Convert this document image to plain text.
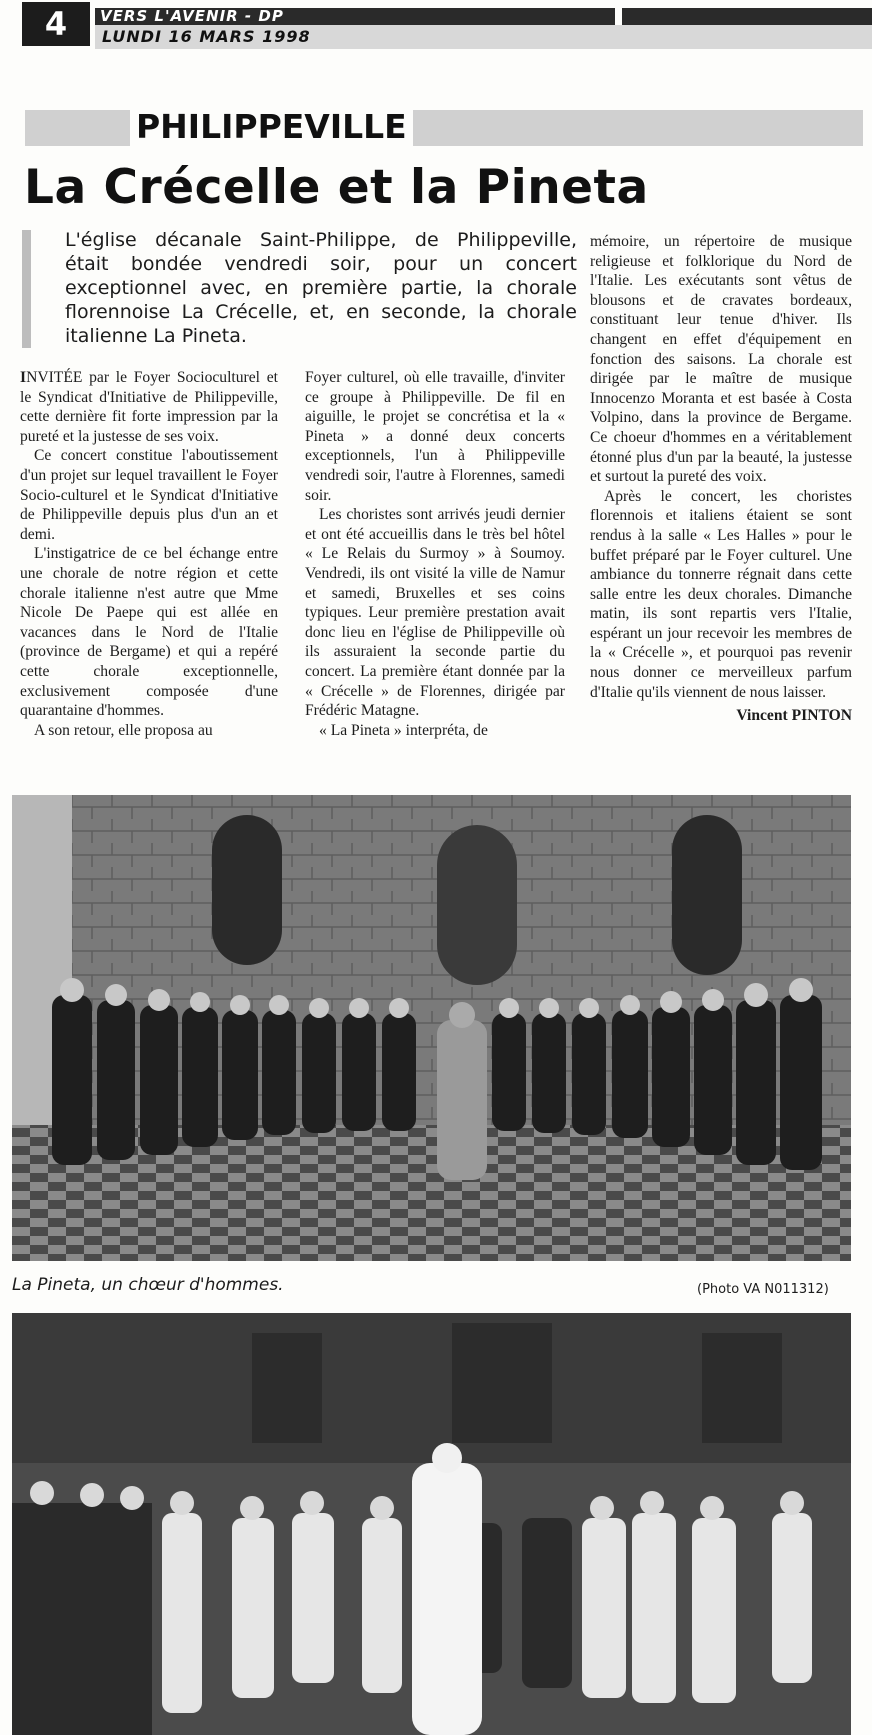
4	VERS L'AVENIR - DP
LUNDI 16 MARS 1998
PHILIPPEVILLE
La Crécelle et la Pineta
L'église décanale Saint-Philippe, de Philippeville, était bondée vendredi soir, pour un concert exceptionnel avec, en première partie, la chorale florennoise La Crécelle, et, en seconde, la chorale italienne La Pineta.

INVITÉE par le Foyer Socioculturel et le Syndicat d'Initiative de Philippeville, cette dernière fit forte impression par la pureté et la justesse de ses voix.

Ce concert constitue l'aboutissement d'un projet sur lequel travaillent le Foyer Socio-culturel et le Syndicat d'Initiative de Philippeville depuis plus d'un an et demi.

L'instigatrice de ce bel échange entre une chorale de notre région et cette chorale italienne n'est autre que Mme Nicole De Paepe qui est allée en vacances dans le Nord de l'Italie (province de Bergame) et qui a repéré cette chorale exceptionnelle, exclusivement composée d'une quarantaine d'hommes.

A son retour, elle proposa au

Foyer culturel, où elle travaille, d'inviter ce groupe à Philippeville. De fil en aiguille, le projet se concrétisa et la « Pineta » a donné deux concerts exceptionnels, l'un à Philippeville vendredi soir, l'autre à Florennes, samedi soir.

Les choristes sont arrivés jeudi dernier et ont été accueillis dans le très bel hôtel « Le Relais du Surmoy » à Soumoy. Vendredi, ils ont visité la ville de Namur et samedi, Bruxelles et ses coins typiques. Leur première prestation avait donc lieu en l'église de Philippeville où ils assuraient la seconde partie du concert. La première étant donnée par la « Crécelle » de Florennes, dirigée par Frédéric Matagne.

« La Pineta » interpréta, de

mémoire, un répertoire de musique religieuse et folklorique du Nord de l'Italie. Les exécutants sont vêtus de blousons et de cravates bordeaux, constituant leur tenue d'hiver. Ils changent en effet d'équipement en fonction des saisons. La chorale est dirigée par le maître de musique Innocenzo Moranta et est basée à Costa Volpino, dans la province de Bergame. Ce choeur d'hommes en a véritablement étonné plus d'un par la beauté, la justesse et surtout la pureté des voix.

Après le concert, les choristes florennois et italiens étaient se sont rendus à la salle « Les Halles » pour le buffet préparé par le Foyer culturel. Une ambiance du tonnerre régnait dans cette salle entre les deux chorales. Dimanche matin, ils sont repartis vers l'Italie, espérant un jour recevoir les membres de la « Crécelle », et pourquoi pas revenir nous donner ce merveilleux parfum d'Italie qu'ils viennent de nous laisser.

Vincent PINTON

La Pineta, un chœur d'hommes.	(Photo VA N011312)
